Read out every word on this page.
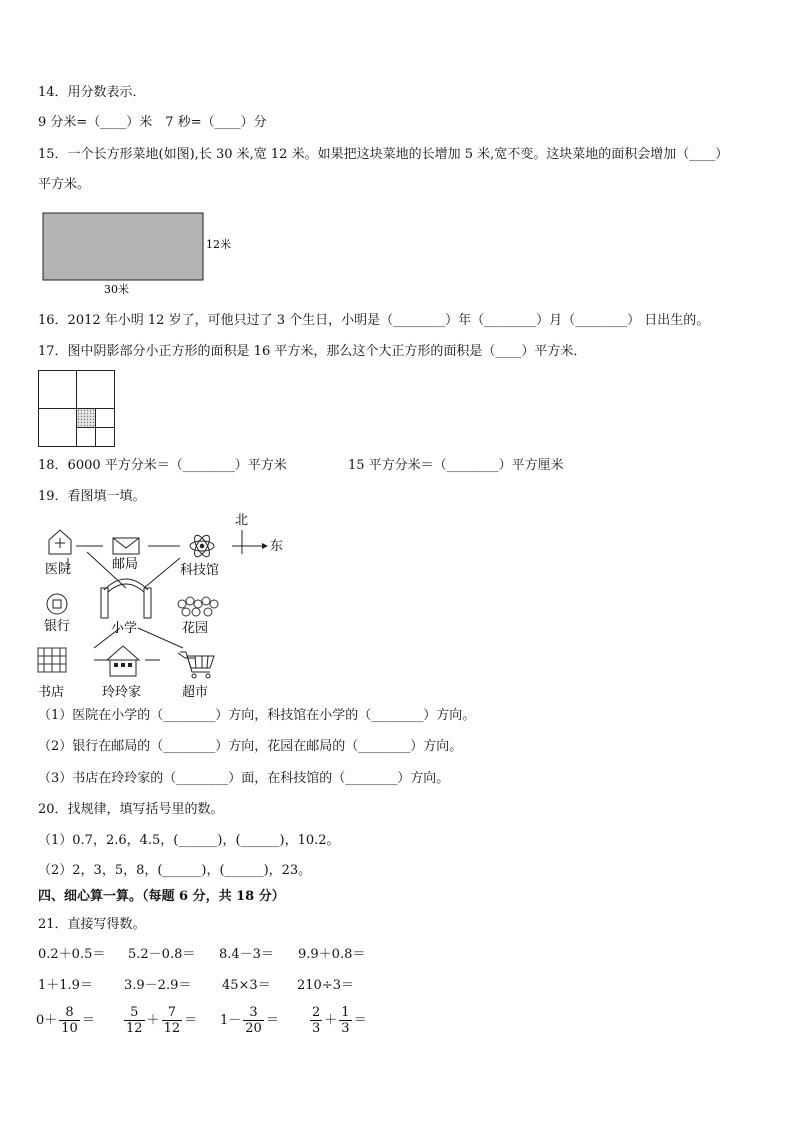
14．用分数表示．
9 分米=（____）米　7 秒=（____）分
15．一个长方形菜地(如图),长 30 米,宽 12 米。如果把这块菜地的长增加 5 米,宽不变。这块菜地的面积会增加（____）
平方米。
12米
30米
16．2012 年小明 12 岁了，可他只过了 3 个生日，小明是（________）年（________）月（________） 日出生的。
17．图中阴影部分小正方形的面积是 16 平方米，那么这个大正方形的面积是（____）平方米．
18．6000 平方分米＝（________）平方米	15 平方分米＝（________）平方厘米
19．看图填一填。
医院	邮局	科技馆
北
东
银行	小学	花园
书店	玲玲家	超市
（1）医院在小学的（________）方向，科技馆在小学的（________）方向。
（2）银行在邮局的（________）方向，花园在邮局的（________）方向。
（3）书店在玲玲家的（________）面，在科技馆的（________）方向。
20．找规律，填写括号里的数。
（1）0.7，2.6，4.5，(______)，(______)，10.2。
（2）2，3，5，8，(______)，(______)，23。
四、细心算一算。（每题 6 分，共 18 分）
21．直接写得数。
0.2＋0.5＝ 5.2－0.8＝ 8.4－3＝ 9.9＋0.8＝
1＋1.9＝ 3.9－2.9＝ 45×3＝ 210÷3＝
$0+ \frac{8}{10} = \frac{5}{12} + \frac{7}{12} = 1- \frac{3}{20} = \frac{2}{3} + \frac{1}{3}$ ＝
